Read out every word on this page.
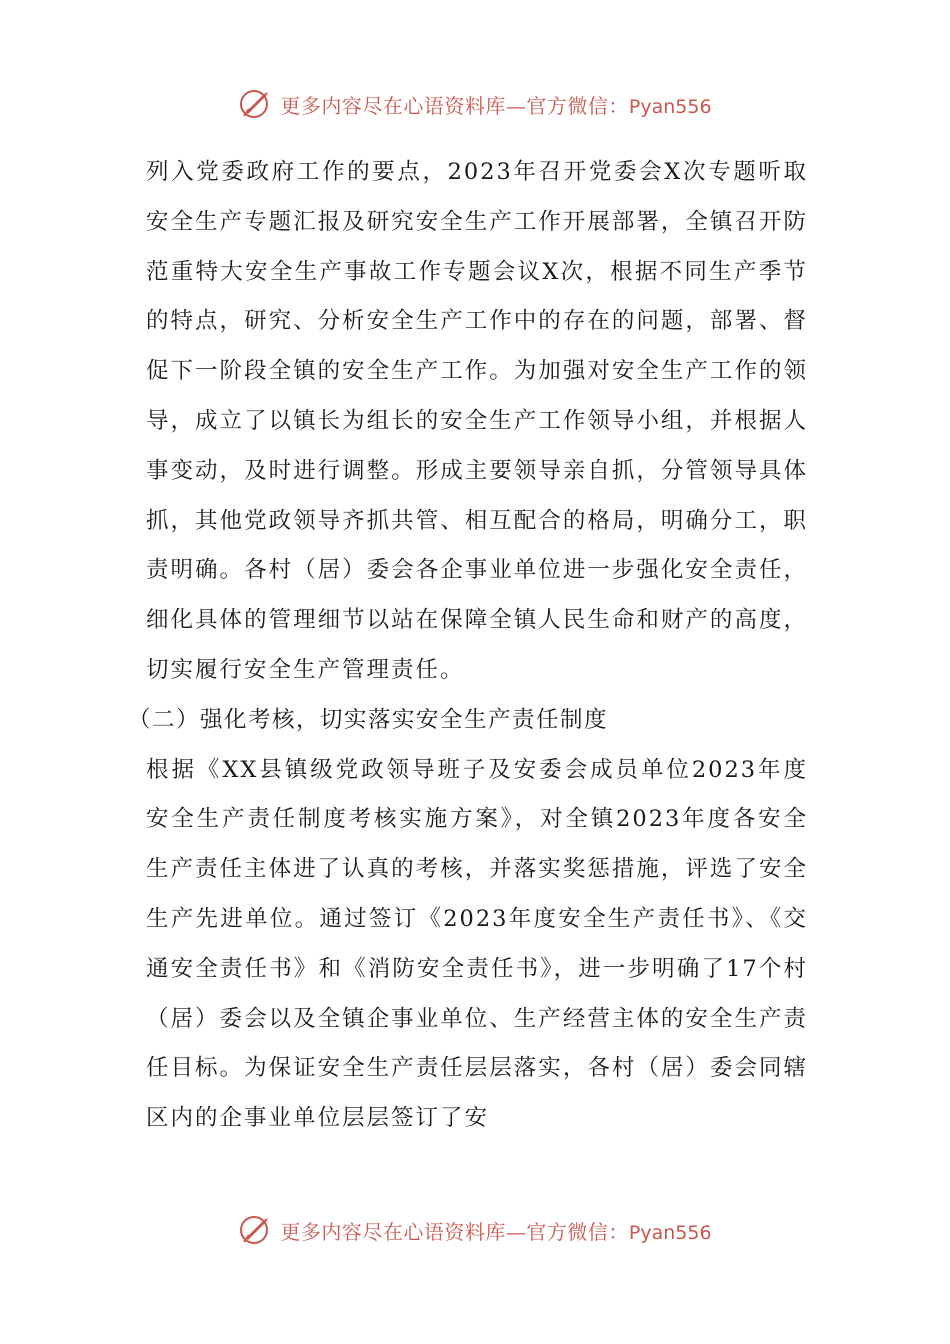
更多内容尽在心语资料库—官方微信：Pyan556

列入党委政府工作的要点，2023年召开党委会X次专题听取安全生产专题汇报及研究安全生产工作开展部署，全镇召开防范重特大安全生产事故工作专题会议X次，根据不同生产季节的特点，研究、分析安全生产工作中的存在的问题，部署、督促下一阶段全镇的安全生产工作。为加强对安全生产工作的领导，成立了以镇长为组长的安全生产工作领导小组，并根据人事变动，及时进行调整。形成主要领导亲自抓，分管领导具体抓，其他党政领导齐抓共管、相互配合的格局，明确分工，职责明确。各村（居）委会各企事业单位进一步强化安全责任，细化具体的管理细节以站在保障全镇人民生命和财产的高度，切实履行安全生产管理责任。

（二）强化考核，切实落实安全生产责任制度

根据《XX县镇级党政领导班子及安委会成员单位2023年度安全生产责任制度考核实施方案》，对全镇2023年度各安全生产责任主体进了认真的考核，并落实奖惩措施，评选了安全生产先进单位。通过签订《2023年度安全生产责任书》、《交通安全责任书》和《消防安全责任书》，进一步明确了17个村（居）委会以及全镇企事业单位、生产经营主体的安全生产责任目标。为保证安全生产责任层层落实，各村（居）委会同辖区内的企事业单位层层签订了安

更多内容尽在心语资料库—官方微信：Pyan556
